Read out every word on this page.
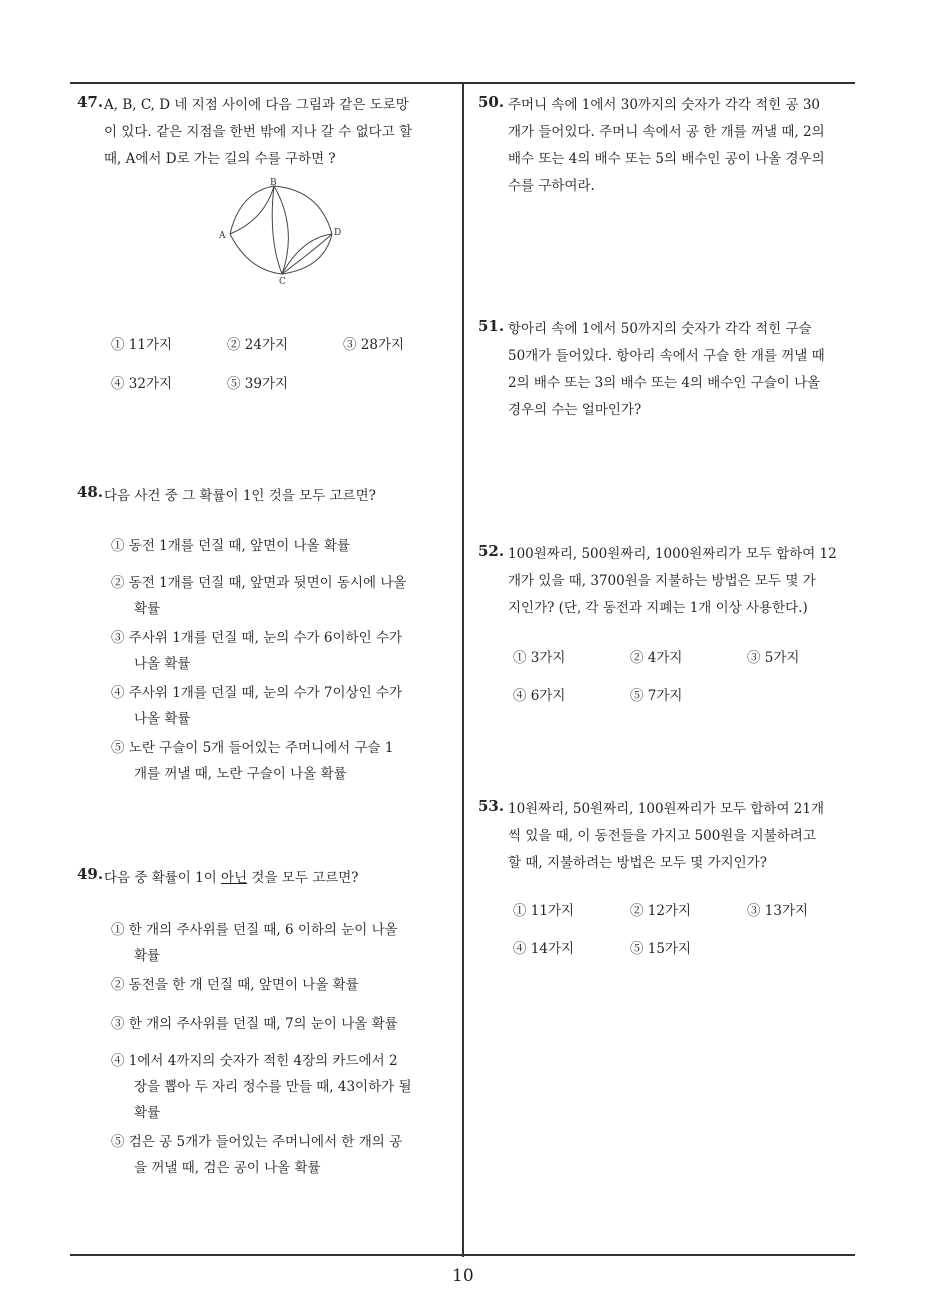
47. A, B, C, D 네 지점 사이에 다음 그림과 같은 도로망
이 있다. 같은 지점을 한번 밖에 지나 갈 수 없다고 할
때, A에서 D로 가는 길의 수를 구하면 ?
A
B
C
D
① 11가지	② 24가지	③ 28가지
④ 32가지	⑤ 39가지
48. 다음 사건 중 그 확률이 1인 것을 모두 고르면?
① 동전 1개를 던질 때, 앞면이 나올 확률
② 동전 1개를 던질 때, 앞면과 뒷면이 동시에 나올
확률
③ 주사위 1개를 던질 때, 눈의 수가 6이하인 수가
나올 확률
④ 주사위 1개를 던질 때, 눈의 수가 7이상인 수가
나올 확률
⑤ 노란 구슬이 5개 들어있는 주머니에서 구슬 1
개를 꺼낼 때, 노란 구슬이 나올 확률
49. 다음 중 확률이 1이 아닌 것을 모두 고르면?
① 한 개의 주사위를 던질 때, 6 이하의 눈이 나올
확률
② 동전을 한 개 던질 때, 앞면이 나올 확률
③ 한 개의 주사위를 던질 때, 7의 눈이 나올 확률
④ 1에서 4까지의 숫자가 적힌 4장의 카드에서 2
장을 뽑아 두 자리 정수를 만들 때, 43이하가 될
확률
⑤ 검은 공 5개가 들어있는 주머니에서 한 개의 공
을 꺼낼 때, 검은 공이 나올 확률
50. 주머니 속에 1에서 30까지의 숫자가 각각 적힌 공 30
개가 들어있다. 주머니 속에서 공 한 개를 꺼낼 때, 2의
배수 또는 4의 배수 또는 5의 배수인 공이 나올 경우의
수를 구하여라.
51. 항아리 속에 1에서 50까지의 숫자가 각각 적힌 구슬
50개가 들어있다. 항아리 속에서 구슬 한 개를 꺼낼 때
2의 배수 또는 3의 배수 또는 4의 배수인 구슬이 나올
경우의 수는 얼마인가?
52. 100원짜리, 500원짜리, 1000원짜리가 모두 합하여 12
개가 있을 때, 3700원을 지불하는 방법은 모두 몇 가
지인가? (단, 각 동전과 지폐는 1개 이상 사용한다.)
① 3가지	② 4가지	③ 5가지
④ 6가지	⑤ 7가지
53. 10원짜리, 50원짜리, 100원짜리가 모두 합하여 21개
씩 있을 때, 이 동전들을 가지고 500원을 지불하려고
할 때, 지불하려는 방법은 모두 몇 가지인가?
① 11가지	② 12가지	③ 13가지
④ 14가지	⑤ 15가지
10
